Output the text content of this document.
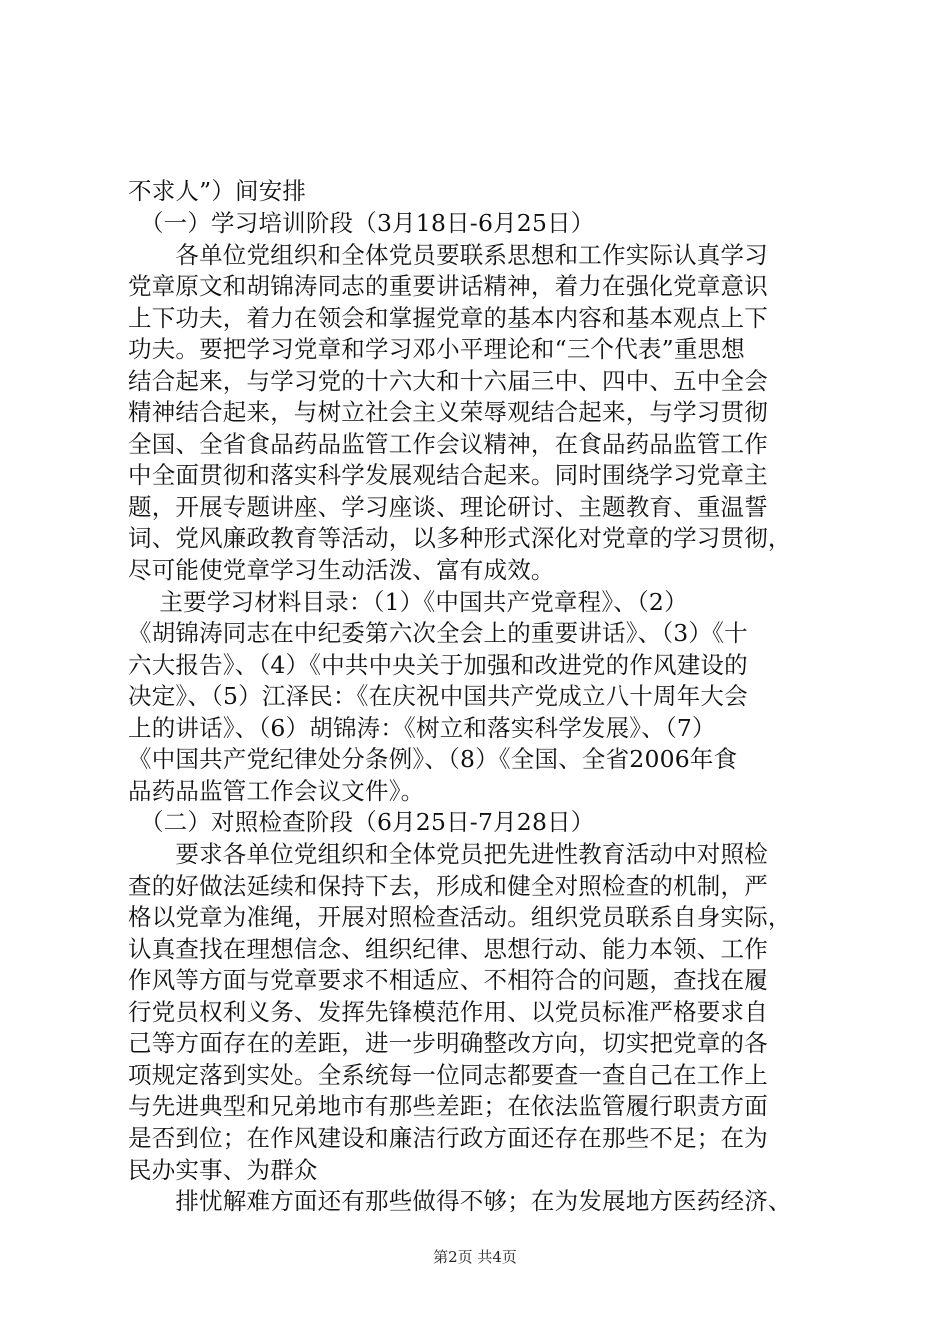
不求人”）间安排
　（一）学习培训阶段（3月18日-6月25日）
　　各单位党组织和全体党员要联系思想和工作实际认真学习
党章原文和胡锦涛同志的重要讲话精神，着力在强化党章意识
上下功夫，着力在领会和掌握党章的基本内容和基本观点上下
功夫。要把学习党章和学习邓小平理论和“三个代表”重思想
结合起来，与学习党的十六大和十六届三中、四中、五中全会
精神结合起来，与树立社会主义荣辱观结合起来，与学习贯彻
全国、全省食品药品监管工作会议精神，在食品药品监管工作
中全面贯彻和落实科学发展观结合起来。同时围绕学习党章主
题，开展专题讲座、学习座谈、理论研讨、主题教育、重温誓
词、党风廉政教育等活动，以多种形式深化对党章的学习贯彻，
尽可能使党章学习生动活泼、富有成效。
　 主要学习材料目录：（1）《中国共产党章程》、（2）
《胡锦涛同志在中纪委第六次全会上的重要讲话》、（3）《十
六大报告》、（4）《中共中央关于加强和改进党的作风建设的
决定》、（5）江泽民：《在庆祝中国共产党成立八十周年大会
上的讲话》、（6）胡锦涛：《树立和落实科学发展》、（7）
《中国共产党纪律处分条例》、（8）《全国、全省2006年食
品药品监管工作会议文件》。
　（二）对照检查阶段（6月25日-7月28日）
　　要求各单位党组织和全体党员把先进性教育活动中对照检
查的好做法延续和保持下去，形成和健全对照检查的机制，严
格以党章为准绳，开展对照检查活动。组织党员联系自身实际，
认真查找在理想信念、组织纪律、思想行动、能力本领、工作
作风等方面与党章要求不相适应、不相符合的问题，查找在履
行党员权利义务、发挥先锋模范作用、以党员标准严格要求自
己等方面存在的差距，进一步明确整改方向，切实把党章的各
项规定落到实处。全系统每一位同志都要查一查自己在工作上
与先进典型和兄弟地市有那些差距；在依法监管履行职责方面
是否到位；在作风建设和廉洁行政方面还存在那些不足；在为
民办实事、为群众
　　排忧解难方面还有那些做得不够；在为发展地方医药经济、
第2页 共4页
